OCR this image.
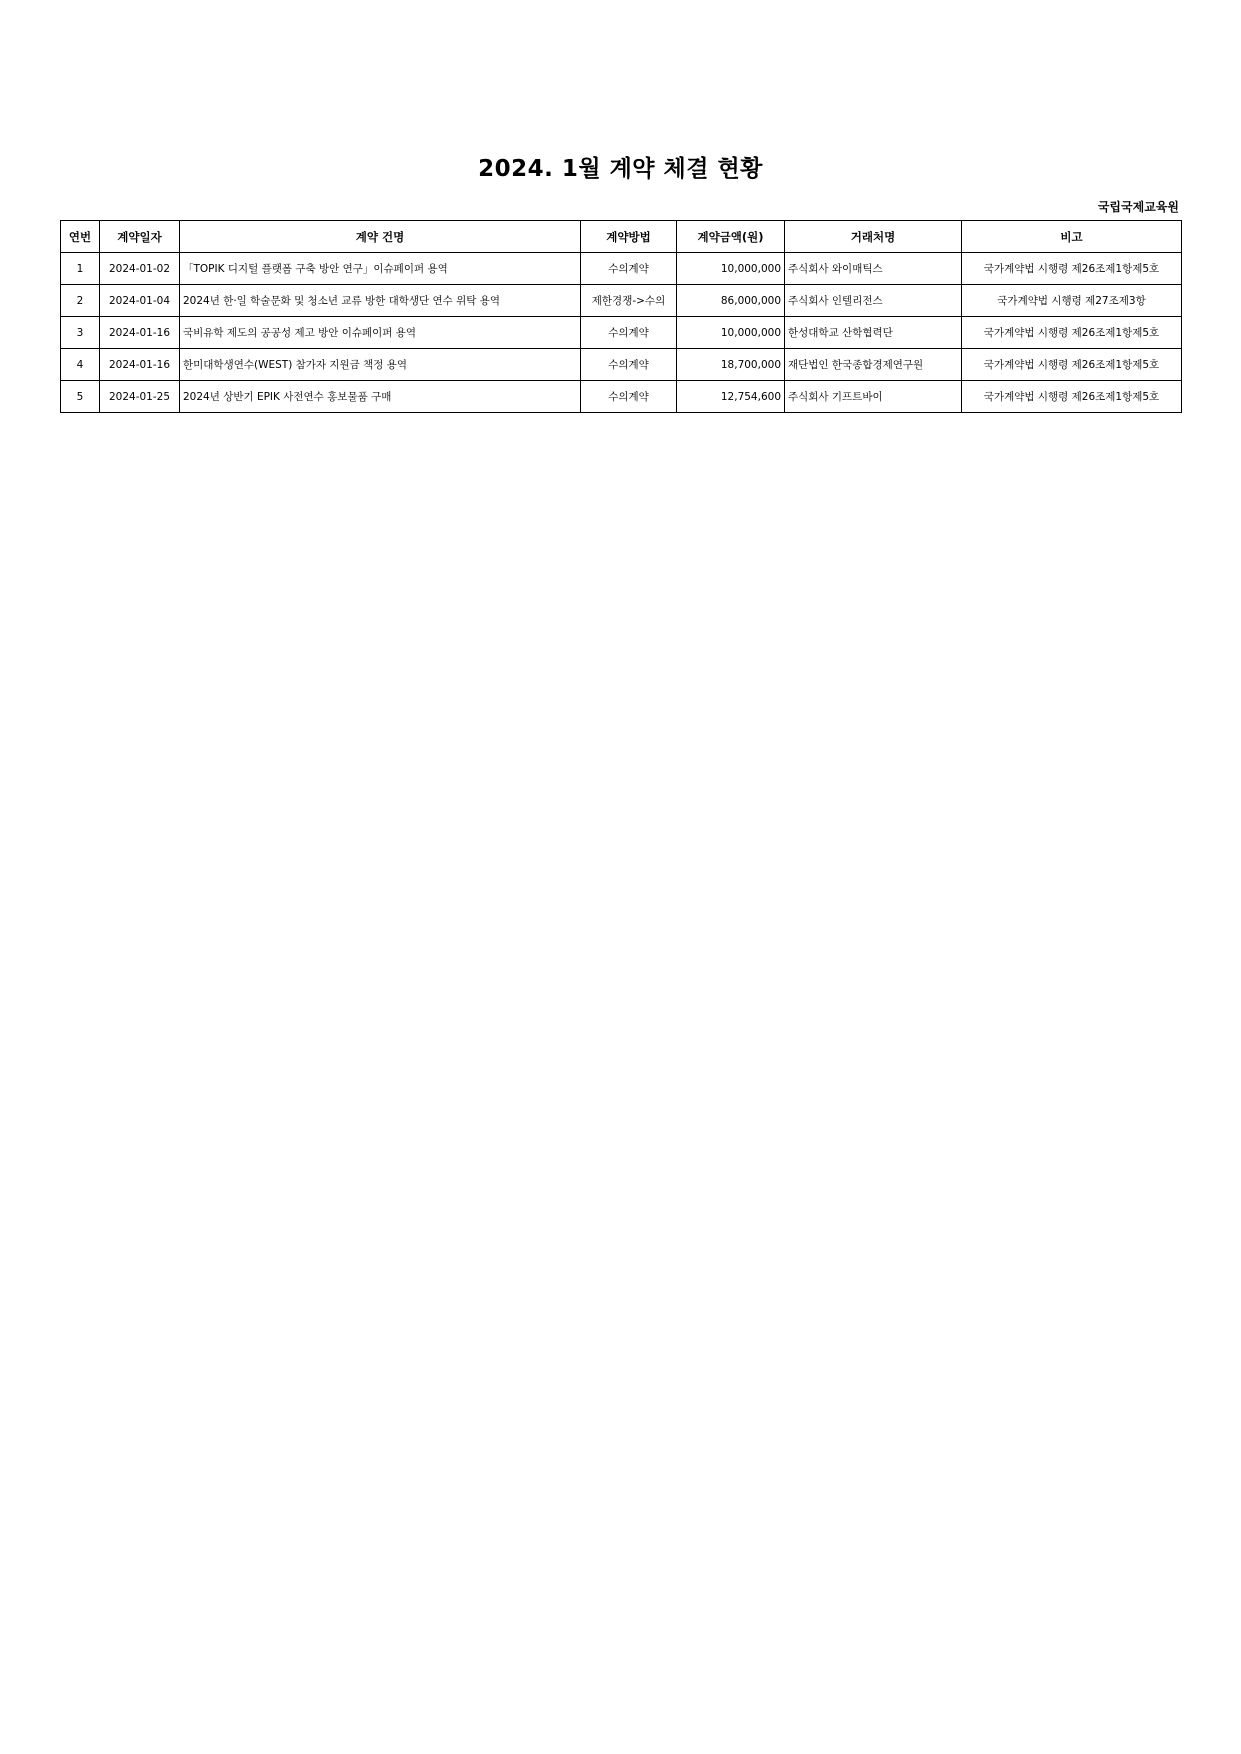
2024. 1월 계약 체결 현황
국립국제교육원
연번	계약일자	계약 건명	계약방법	계약금액(원)	거래처명	비고
1	2024-01-02	「TOPIK 디지털 플랫폼 구축 방안 연구」이슈페이퍼 용역	수의계약	10,000,000	주식회사 와이매틱스	국가계약법 시행령 제26조제1항제5호
2	2024-01-04	2024년 한·일 학술문화 및 청소년 교류 방한 대학생단 연수 위탁 용역	제한경쟁->수의	86,000,000	주식회사 인텔리전스	국가계약법 시행령 제27조제3항
3	2024-01-16	국비유학 제도의 공공성 제고 방안 이슈페이퍼 용역	수의계약	10,000,000	한성대학교 산학협력단	국가계약법 시행령 제26조제1항제5호
4	2024-01-16	한미대학생연수(WEST) 참가자 지원금 책정 용역	수의계약	18,700,000	재단법인 한국종합경제연구원	국가계약법 시행령 제26조제1항제5호
5	2024-01-25	2024년 상반기 EPIK 사전연수 홍보물품 구매	수의계약	12,754,600	주식회사 기프트바이	국가계약법 시행령 제26조제1항제5호
